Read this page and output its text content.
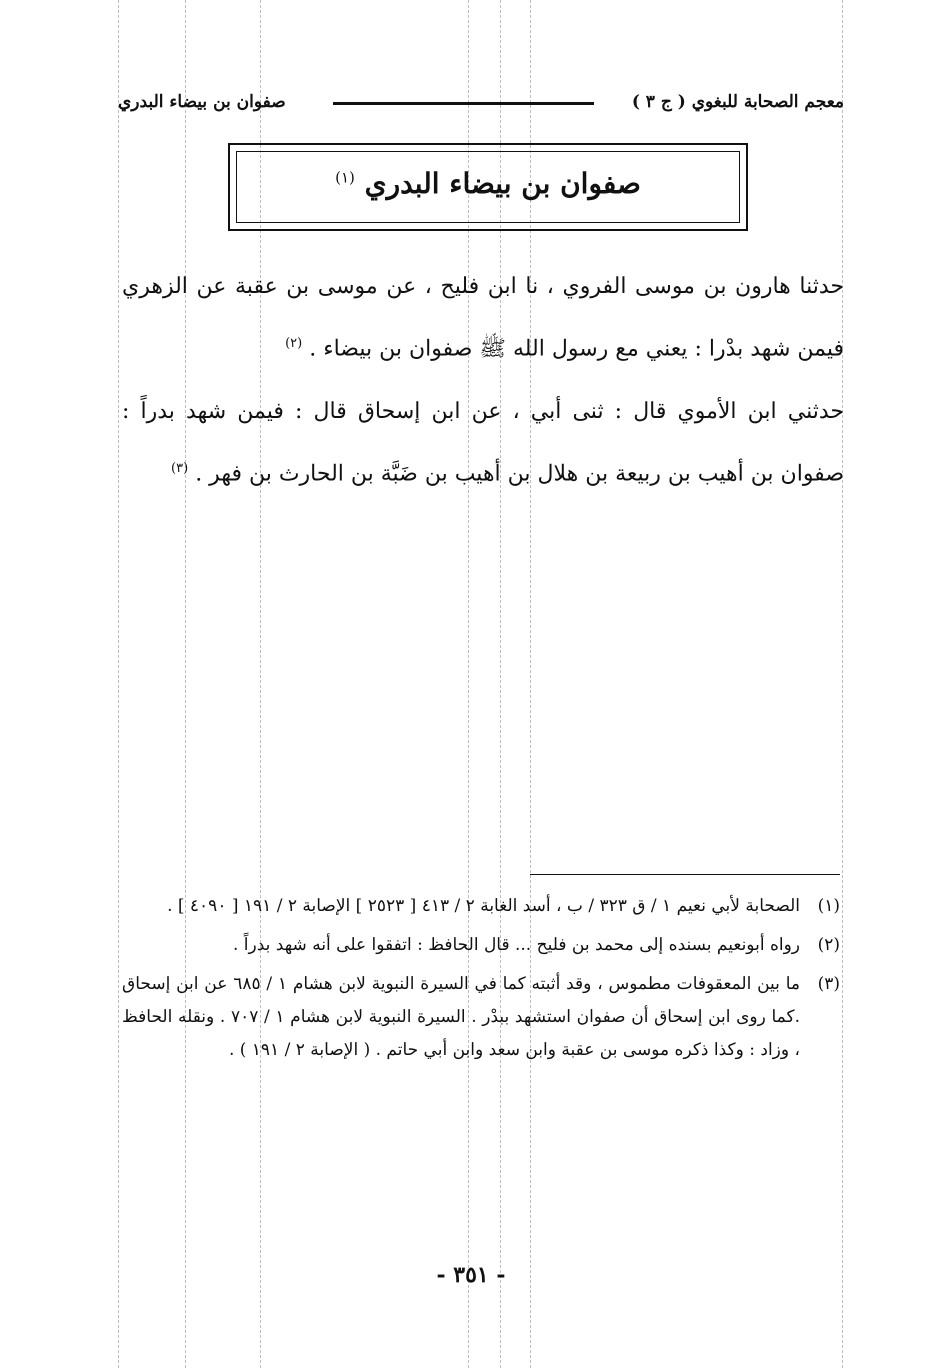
معجم الصحابة للبغوي ( ج ٣ )
صفوان بن بيضاء البدري
صفوان بن بيضاء البدري $^{(١)}$

حدثنا هارون بن موسى الفروي ، نا ابن فليح ، عن موسى بن عقبة عن الزهري فيمن شهد بدْرا : يعني مع رسول الله ﷺ صفوان بن بيضاء . $^{(٢)}$

حدثني ابن الأموي قال : ثنى أبي ، عن ابن إسحاق قال : فيمن شهد بدراً : صفوان بن أهيب بن ربيعة بن هلال بن أهيب بن ضَبَّة بن الحارث بن فهر . $^{(٣)}$

(١)
الصحابة لأبي نعيم ١ / ق ٣٢٣ / ب ، أسد الغابة ٢ / ٤١٣ [ ٢٥٢٣ ] الإصابة ٢ / ١٩١ [ ٤٠٩٠ ] .
(٢)
رواه أبونعيم بسنده إلى محمد بن فليح ... قال الحافظ : اتفقوا على أنه شهد بدراً .
(٣)
ما بين المعقوفات مطموس ، وقد أثبته كما في السيرة النبوية لابن هشام ١ / ٦٨٥ عن ابن إسحاق .كما روى ابن إسحاق أن صفوان استشهد ببدْر . السيرة النبوية لابن هشام ١ / ٧٠٧ . ونقله الحافظ ، وزاد : وكذا ذكره موسى بن عقبة وابن سعد وابن أبي حاتم . ( الإصابة ٢ / ١٩١ ) .
- ٣٥١ -
